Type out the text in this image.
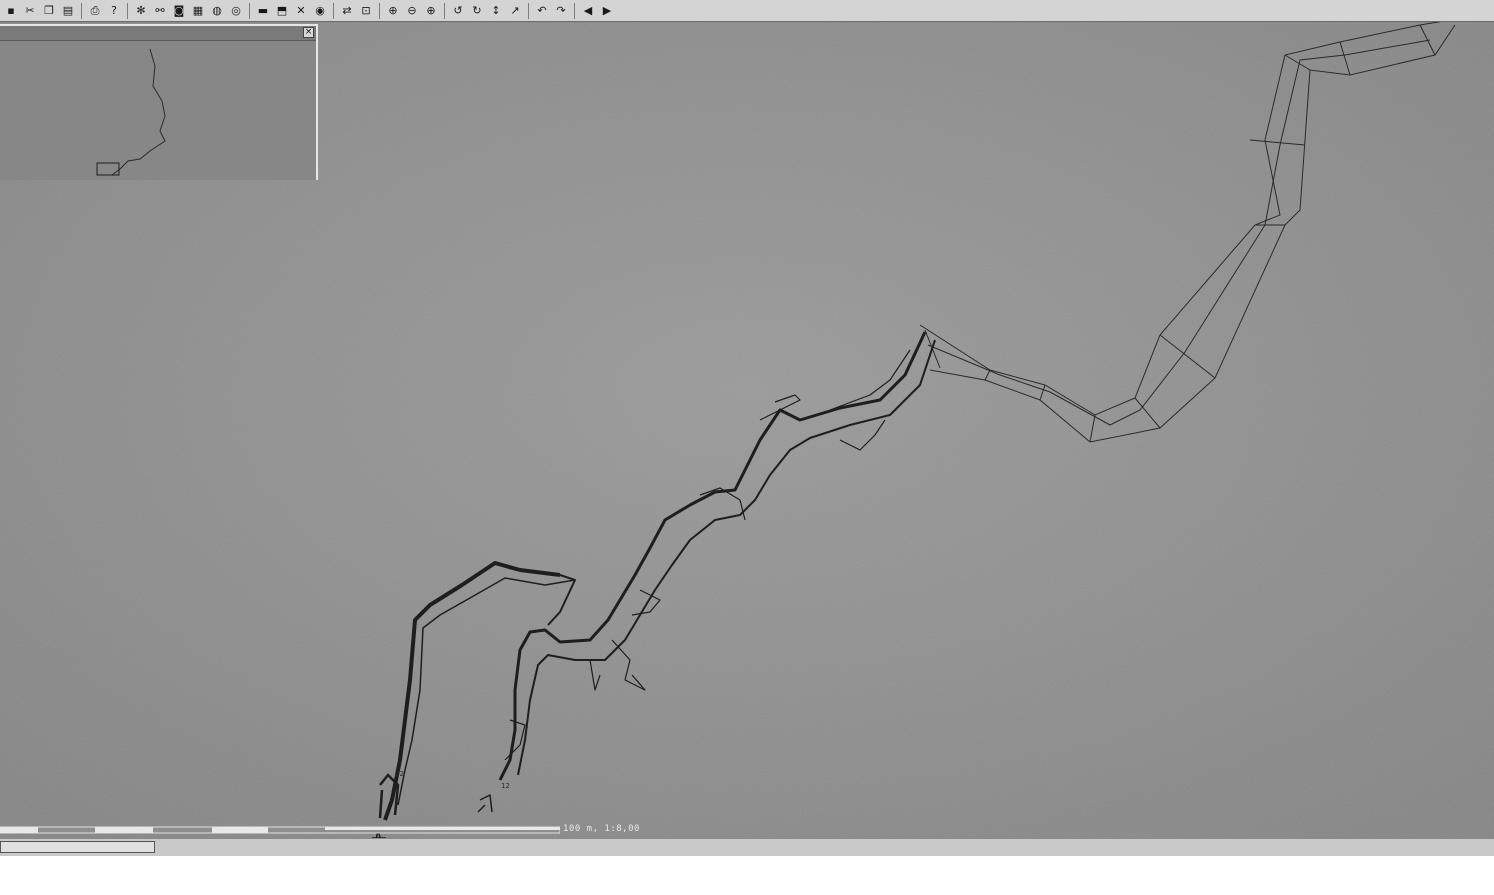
▪ ✂ ❐ ▤	⎙	?	✻ ⚯ ◙ ▦ ◍ ◎	▬ ⬒ ✕ ◉	⇄ ⊡	⊕ ⊖ ⊕	↺ ↻ ↕ ↗	↶ ↷	◀ ▶
22
12
×
100 m, 1:8,00
